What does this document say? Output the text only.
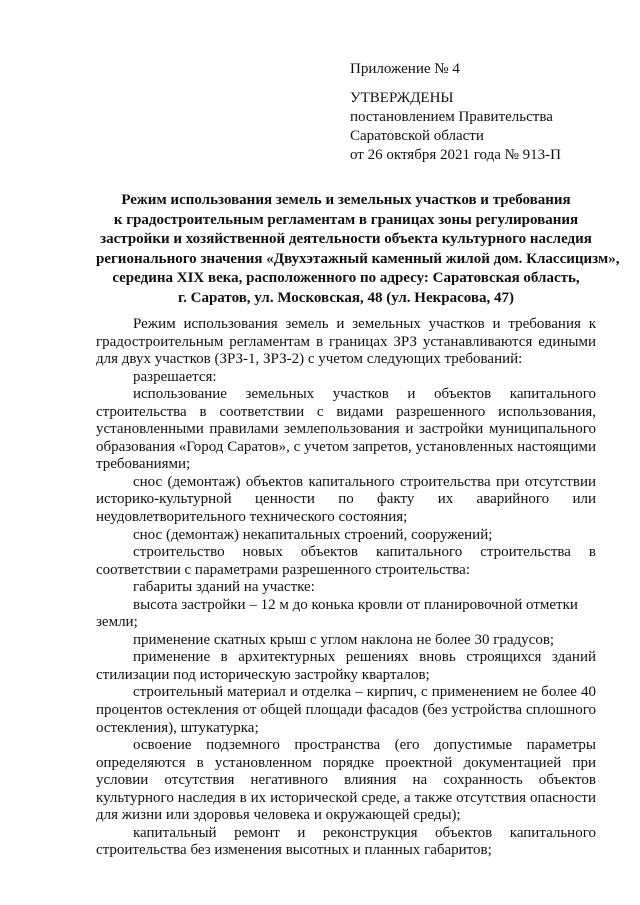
Приложение № 4
УТВЕРЖДЕНЫ
постановлением Правительства
Саратовской области
от 26 октября 2021 года № 913-П
Режим использования земель и земельных участков и требования
к градостроительным регламентам в границах зоны регулирования
застройки и хозяйственной деятельности объекта культурного наследия
регионального значения «Двухэтажный каменный жилой дом. Классицизм»,
середина XIX века, расположенного по адресу: Саратовская область,
г. Саратов, ул. Московская, 48 (ул. Некрасова, 47)

Режим использования земель и земельных участков и требования к градостроительным регламентам в границах ЗРЗ устанавливаются едиными для двух участков (ЗРЗ-1, ЗРЗ-2) с учетом следующих требований:

разрешается:

использование земельных участков и объектов капитального строительства в соответствии с видами разрешенного использования, установленными правилами землепользования и застройки муниципального образования «Город Саратов», с учетом запретов, установленных настоящими требованиями;

снос (демонтаж) объектов капитального строительства при отсутствии историко-культурной ценности по факту их аварийного или неудовлетворительного технического состояния;

снос (демонтаж) некапитальных строений, сооружений;

строительство новых объектов капитального строительства в соответствии с параметрами разрешенного строительства:

габариты зданий на участке:

высота застройки – 12 м до конька кровли от планировочной отметки земли;

применение скатных крыш с углом наклона не более 30 градусов;

применение в архитектурных решениях вновь строящихся зданий стилизации под историческую застройку кварталов;

строительный материал и отделка – кирпич, с применением не более 40 процентов остекления от общей площади фасадов (без устройства сплошного остекления), штукатурка;

освоение подземного пространства (его допустимые параметры определяются в установленном порядке проектной документацией при условии отсутствия негативного влияния на сохранность объектов культурного наследия в их исторической среде, а также отсутствия опасности для жизни или здоровья человека и окружающей среды);

капитальный ремонт и реконструкция объектов капитального строительства без изменения высотных и планных габаритов;
